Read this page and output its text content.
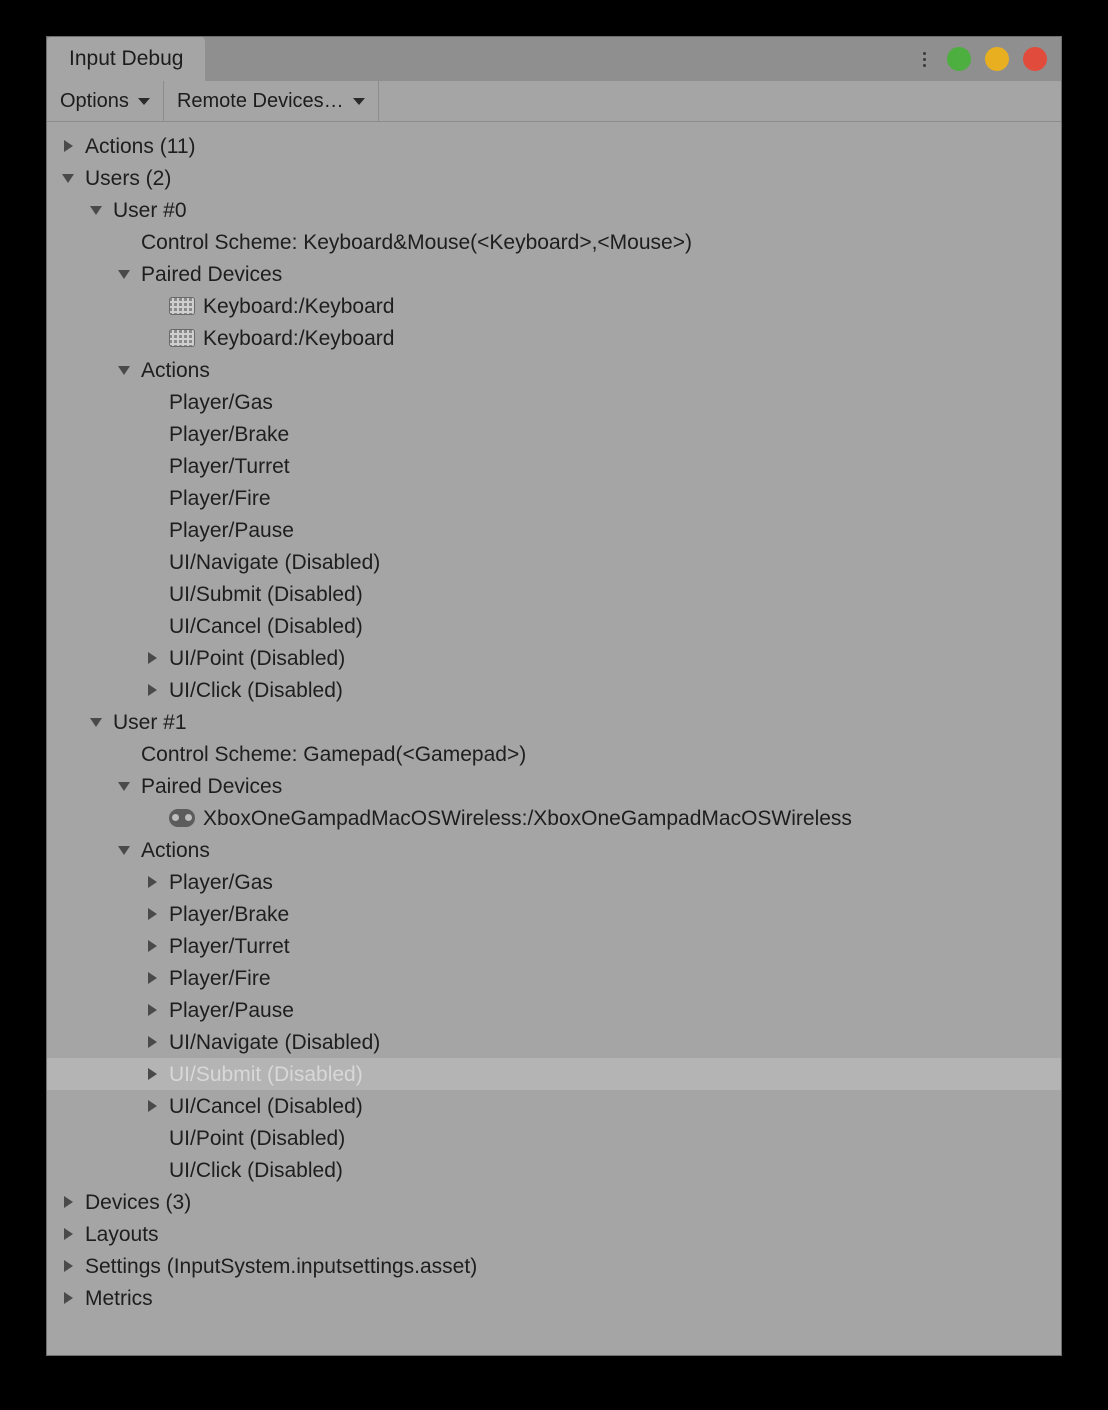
Input Debug
Options Remote Devices…
Actions (11)
Users (2)
User #0
Control Scheme: Keyboard&Mouse(<Keyboard>,<Mouse>)
Paired Devices
Keyboard:/Keyboard
Keyboard:/Keyboard
Actions
Player/Gas
Player/Brake
Player/Turret
Player/Fire
Player/Pause
UI/Navigate (Disabled)
UI/Submit (Disabled)
UI/Cancel (Disabled)
UI/Point (Disabled)
UI/Click (Disabled)
User #1
Control Scheme: Gamepad(<Gamepad>)
Paired Devices
XboxOneGampadMacOSWireless:/XboxOneGampadMacOSWireless
Actions
Player/Gas
Player/Brake
Player/Turret
Player/Fire
Player/Pause
UI/Navigate (Disabled)
UI/Submit (Disabled)
UI/Cancel (Disabled)
UI/Point (Disabled)
UI/Click (Disabled)
Devices (3)
Layouts
Settings (InputSystem.inputsettings.asset)
Metrics
